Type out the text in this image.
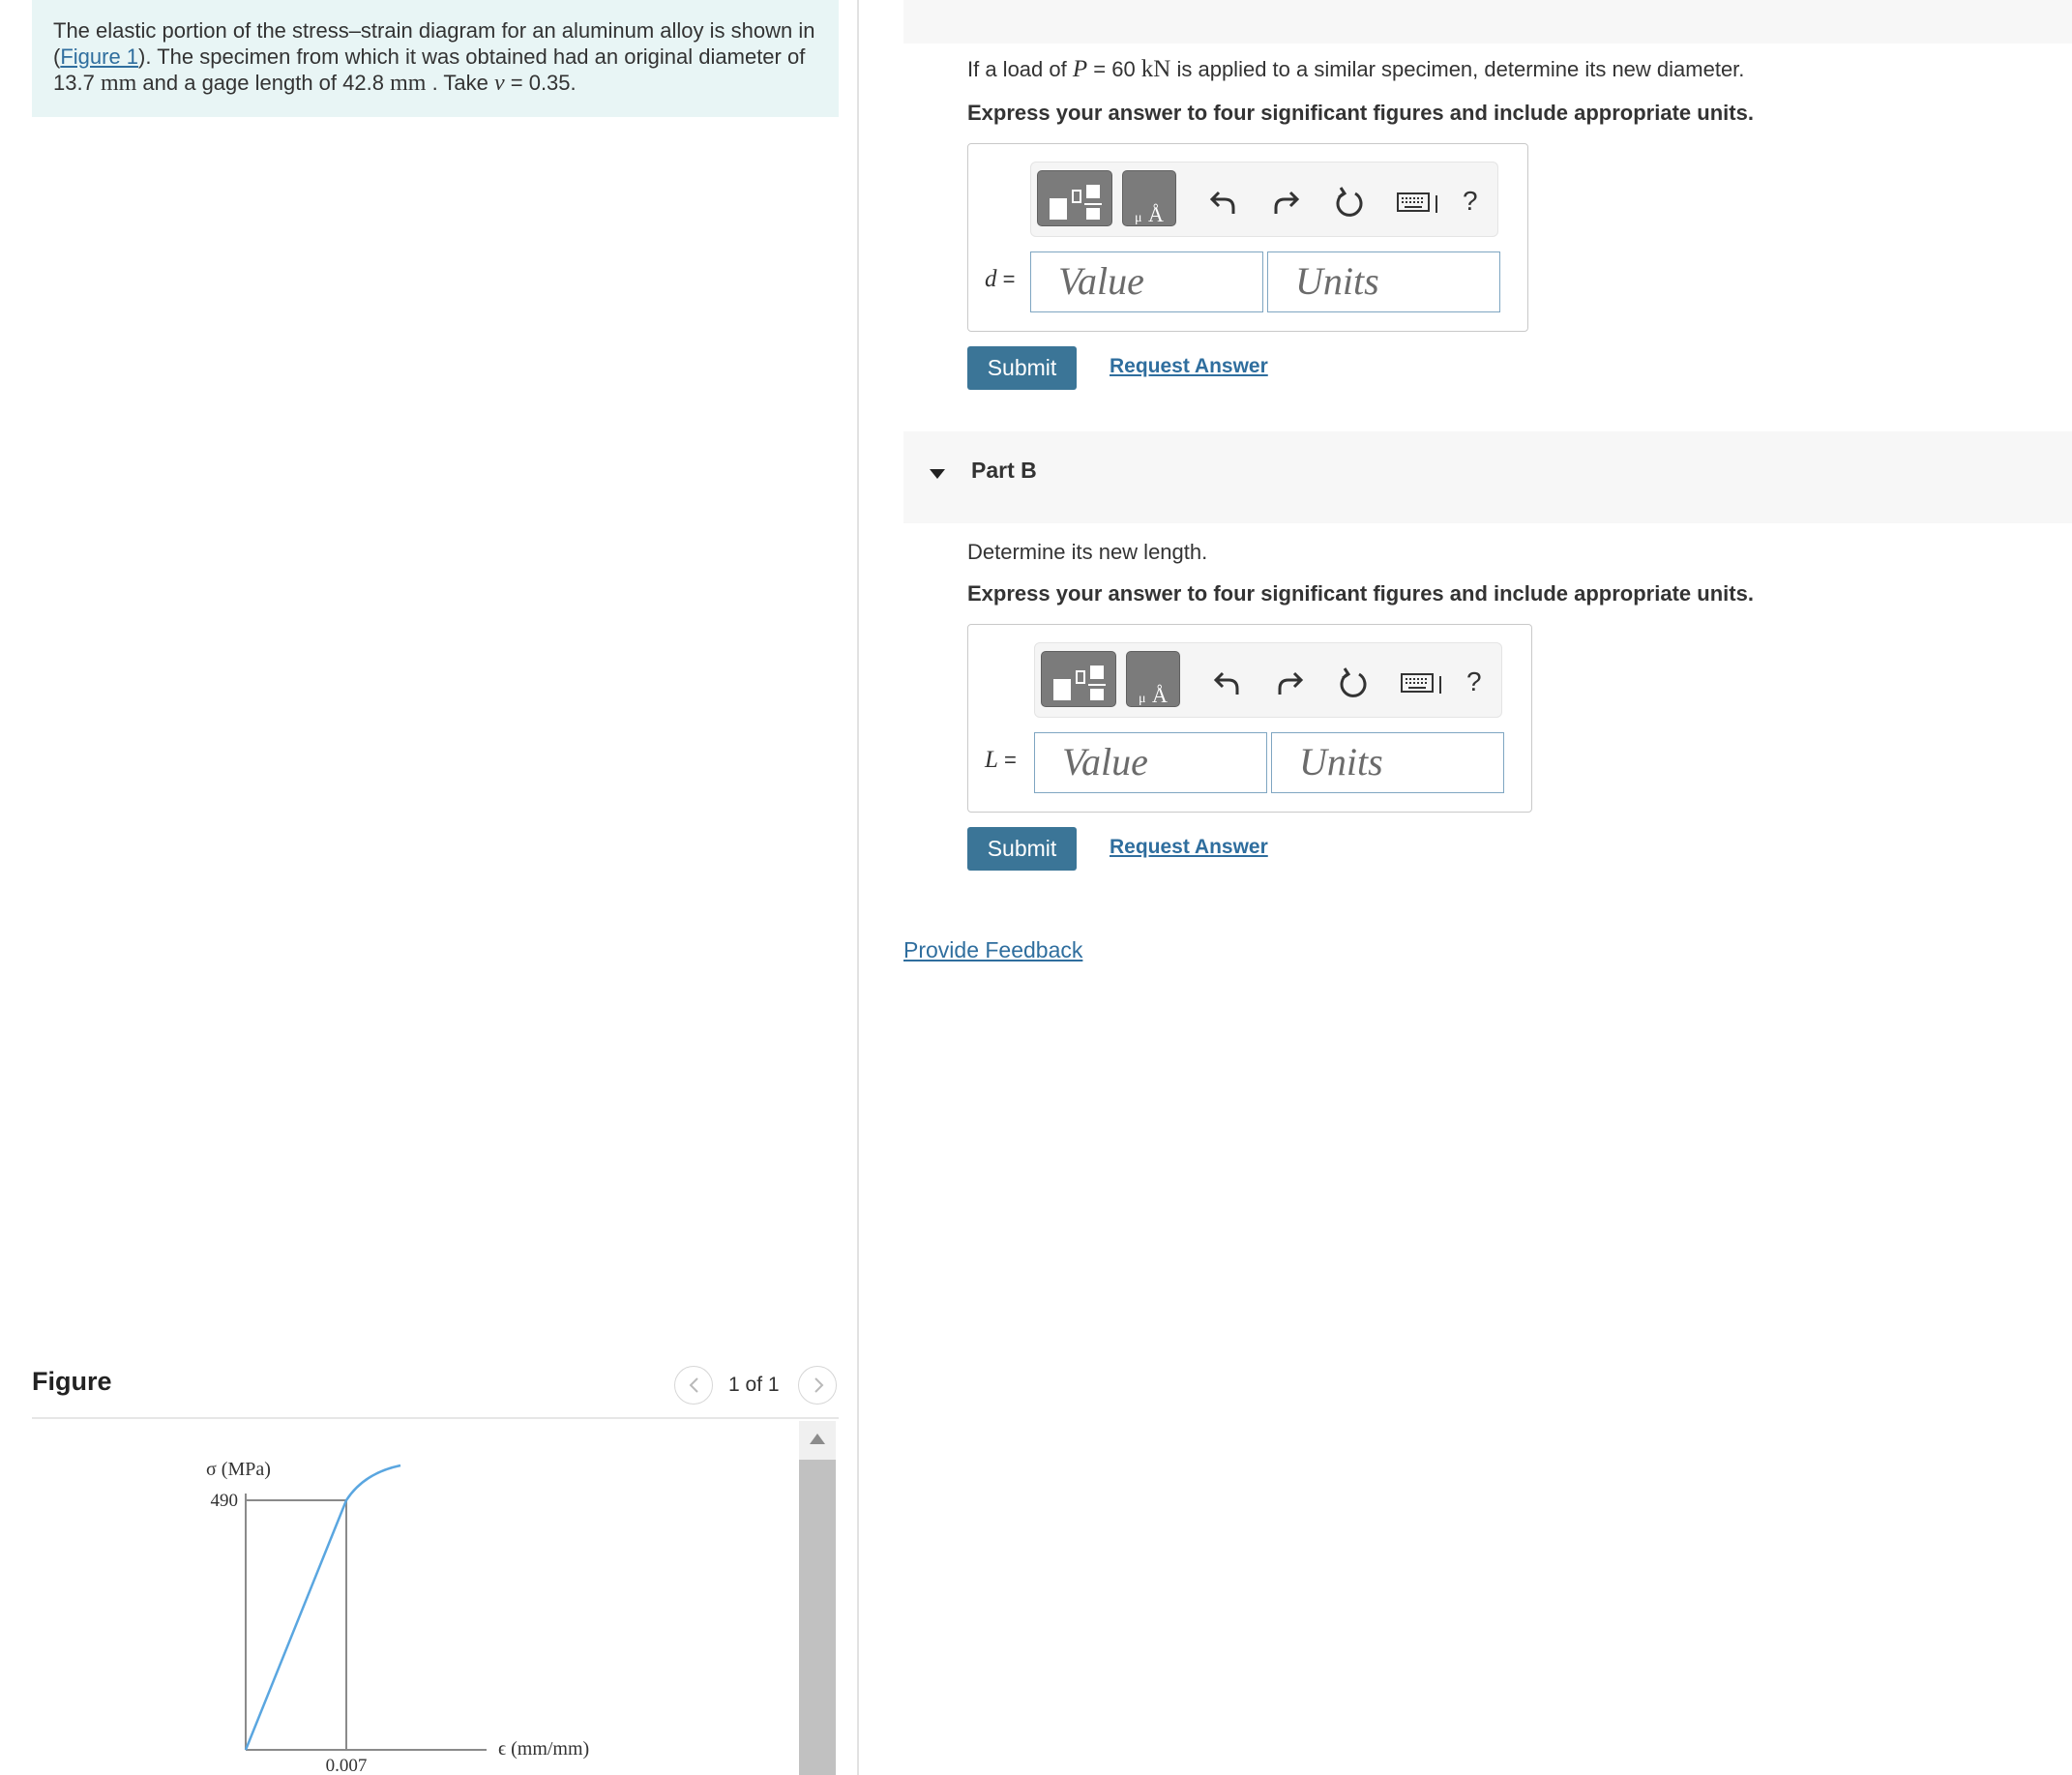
The elastic portion of the stress–strain diagram for an aluminum alloy is shown in (Figure 1). The specimen from which it was obtained had an original diameter of 13.7 mm and a gage length of 42.8 mm . Take ν = 0.35.
Figure	1 of 1
σ (MPa)
ϵ (mm/mm)
490
0.007
If a load of P = 60 kN is applied to a similar specimen, determine its new diameter.
Express your answer to four significant figures and include appropriate units.
μ Å	?
d =	Value	Units
Submit	Request Answer
Part B
Determine its new length.
Express your answer to four significant figures and include appropriate units.
μ Å	?
L =	Value	Units
Submit	Request Answer
Provide Feedback
